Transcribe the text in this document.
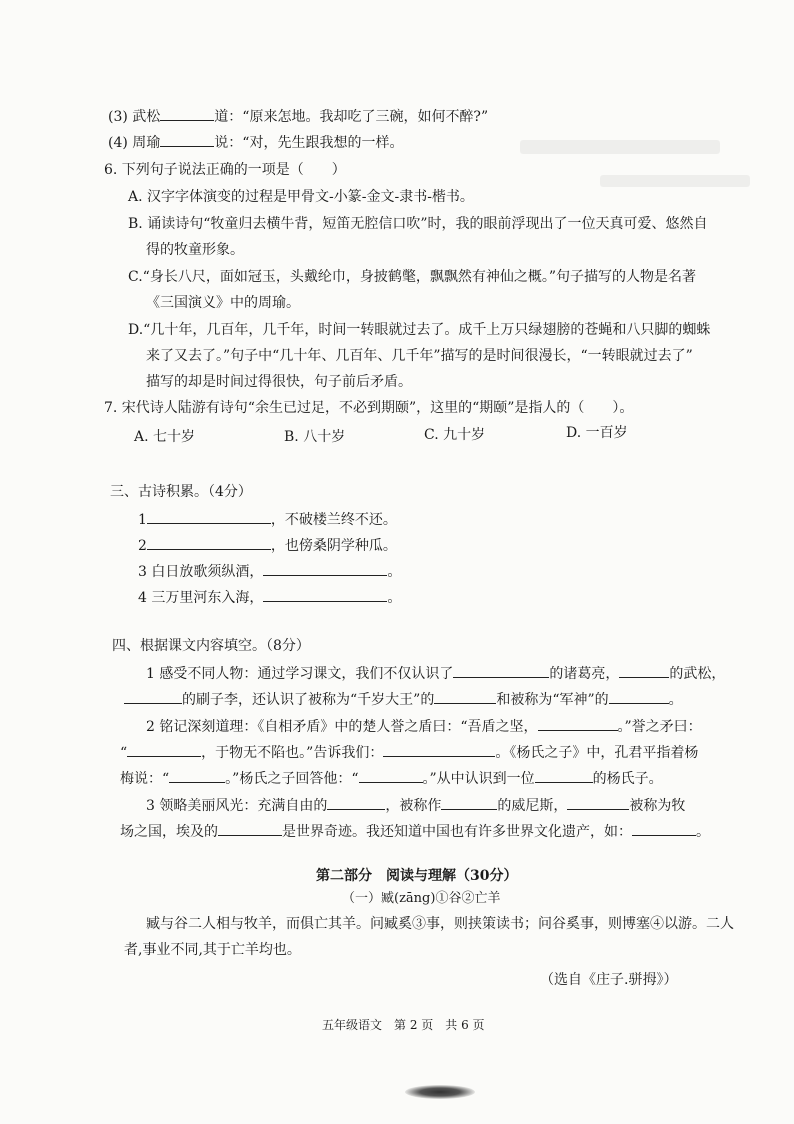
(3) 武松	道：“原来怎地。我却吃了三碗，如何不醉?”
(4) 周瑜	说：“对，先生跟我想的一样。
6. 下列句子说法正确的一项是（　　）
A. 汉字字体演变的过程是甲骨文-小篆-金文-隶书-楷书。
B. 诵读诗句“牧童归去横牛背，短笛无腔信口吹”时，我的眼前浮现出了一位天真可爱、悠然自
得的牧童形象。
C.“身长八尺，面如冠玉，头戴纶巾，身披鹤氅，飘飘然有神仙之概。”句子描写的人物是名著
《三国演义》中的周瑜。
D.“几十年，几百年，几千年，时间一转眼就过去了。成千上万只绿翅膀的苍蝇和八只脚的蜘蛛
来了又去了。”句子中“几十年、几百年、几千年”描写的是时间很漫长，“一转眼就过去了”
描写的却是时间过得很快，句子前后矛盾。
7. 宋代诗人陆游有诗句“余生已过足，不必到期颐”，这里的“期颐”是指人的（　　）。
A. 七十岁	B. 八十岁	C. 九十岁	D. 一百岁
三、古诗积累。（4分）
1	，不破楼兰终不还。
2	，也傍桑阴学种瓜。
3 白日放歌须纵酒，	。
4 三万里河东入海，	。
四、根据课文内容填空。（8分）
1 感受不同人物：通过学习课文，我们不仅认识了	的诸葛亮，	的武松，
的刷子李，还认识了被称为“千岁大王”的	和被称为“军神”的	。
2 铭记深刻道理：《自相矛盾》中的楚人誉之盾曰：“吾盾之坚，	。”誉之矛曰：
“	，于物无不陷也。”告诉我们：	。《杨氏之子》中，孔君平指着杨
梅说：“	。”杨氏之子回答他：“	。”从中认识到一位	的杨氏子。
3 领略美丽风光：充满自由的	，被称作	的威尼斯，	被称为牧
场之国，埃及的	是世界奇迹。我还知道中国也有许多世界文化遗产，如：	。
第二部分　阅读与理解（30分）
（一）臧(zāng)①谷②亡羊
臧与谷二人相与牧羊，而俱亡其羊。问臧奚③事，则挟策读书；问谷奚事，则博塞④以游。二人
者,事业不同,其于亡羊均也。
（选自《庄子.骈拇》）
五年级语文　第 2 页　共 6 页
